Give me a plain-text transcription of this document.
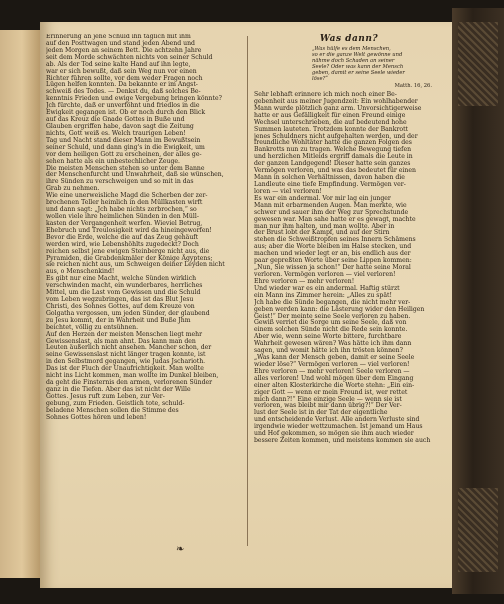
Erinnerung an jene Schuld ihn täglich mit ihm
auf den Posttwagen und stand jeden Abend und
jeden Morgen an seinem Bett. Die achtzehn Jahre
seit dem Morde schwächten nichts von seiner Schuld
ab. Als der Tod seine kalte Hand auf ihn legte,
war er sich bewußt, daß sein Weg nun vor einen
Richter führen sollte, vor dem weder Fragen noch
Lügen helfen konnten. Da bekannte er im Angst-
schweiß des Todes. — Denkst du, daß solches Be-
kenntnis Frieden und ewige Vergebung bringen könnte?
Jch fürchte, daß er unverföhnt und friedlos in die
Ewigkeit gegangen ist. Ob er noch durch den Blick
auf das Kreuz die Gnade Gottes in Buße und
Glauben ergriffen habe, davon sagt die Zeitung
nichts, Gott weiß es. Welch traurigen Leben!
Tag und Nacht stand dieser Mann im Bewußtsein
seiner Schuld, und dann ging's in die Ewigkeit, um
vor dem heiligen Gott zu erscheinen, der alles ge-
sehen hatte als ein unbestechlicher Zeuge.

Die meisten Menschen stehen so unter dem Banne
der Menschenfurcht und Unwahrheit, daß sie wünschen,
ihre Sünden zu verschweigen und so mit in das
Grab zu nehmen.

Wie eine unerweisliche Magd die Scherben der zer-
brochenen Teller heimlich in den Müllkasten wirft
und dann sagt: „Jch habe nichts zerbrochen,“ so
wollen viele ihre heimlichen Sünden in den Müll-
kasten der Vergangenheit werfen. Wieviel Betrug,
Ehebruch und Treulosigkeit wird da hineingeworfen!
Bevor die Erde, welche die auf das Zeug gehäuft
werden wird, wie Lebenshöhlts zugedeckt? Doch
reichen selbst jene ewigen Steinberge nicht aus, die
Pyramiden, die Grabdenkmäler der Könige Ägyptens;
sie reichen nicht aus, um Schweigen deiner Leyden nicht
aus, o Menschenkind!

Es gibt nur eine Macht, welche Sünden wirklich
verschwinden macht, ein wunderbares, herrliches
Mittel, um die Last vom Gewissen und die Schuld
vom Leben wegzubringen, das ist das Blut Jesu
Christi, des Sohnes Gottes, auf dem Kreuze von
Golgatha vergossen, um jeden Sünder, der glaubend
zu Jesu kommt, der in Wahrheit und Buße Jhm
beichtet, völlig zu entsühnen.

Auf den Herzen der meisten Menschen liegt mehr
Gewissenslast, als man ahnt. Das kann man den
Leuten äußerlich nicht ansehen. Mancher schon, der
seine Gewissenslast nicht länger tragen konnte, ist
in den Selbstmord gegangen, wie Judas Jscharioth.
Das ist der Fluch der Unaufrichtigkeit. Man wollte
nicht ins Licht kommen, man wollte im Dunkel bleiben,
da geht die Finsternis den armen, verlorenen Sünder
ganz in die Tiefen. Aber das ist nicht der Wille
Gottes. Jesus ruft zum Leben, zur Ver-
gebung, zum Frieden. Geistlich tote, schuld-
beladene Menschen sollen die Stimme des
Sohnes Gottes hören und leben!

Was dann?
„Was hülfe es dem Menschen,
so er die ganze Welt gewönne und
nähme doch Schaden an seiner
Seele? Oder was kann der Mensch
geben, damit er seine Seele wieder
löse?“
Matth. 16, 26.

Sehr lebhaft erinnere ich mich noch einer Be-
gebenheit aus meiner Jugendzeit: Ein wohlhabender
Mann wurde plötzlich ganz arm. Unvorsichtigerweise
hatte er aus Gefälligkeit für einen Freund einige
Wechsel unterschrieben, die auf bedeutend hohe
Summen lauteten. Trotzdem konnte der Bankrott
jenes Schuldners nicht aufgehalten werden, und der
freundliche Wohltäter hatte die ganzen Folgen des
Bankrotts nun zu tragen. Welche Bewegung tiefen
und herzlichen Mitleids ergriff damals die Leute in
der ganzen Landgegend! Dieser hatte sein ganzes
Vermögen verloren, und was das bedeutet für einen
Mann in solchen Verhältnissen, davon haben die
Landleute eine tiefe Empfindung. Vermögen ver-
loren — viel verloren!

Es war ein andermal. Vor mir lag ein junger
Mann mit erbarmenden Augen. Man merkte, wie
schwer und sauer ihm der Weg zur Sprechstunde
gewesen war. Man sahe hatte er es gewagt, machte
man nur ihm halten, und man wollte. Aber in
der Brust lobt der Kampf, und auf der Stirn
stehen die Schweißtropfen seines Innern Schämens
aus; aber die Worte bleiben im Halse stecken, und
machen und wieder legt er an, bis endlich aus der
paar gepreßten Worte über seine Lippen kommen:
„Nun, Sie wissen ja schon!“ Der hatte seine Moral
verloren. Vermögen verloren — viel verloren!
Ehre verloren — mehr verloren!

Und wieder war es ein andermal. Haftig stürzt
ein Mann ins Zimmer herein: „Alles zu spät!
Jch habe die Sünde begangen, die nicht mehr ver-
geben werden kann: die Lästerung wider den Heiligen
Geist!“ Der meinte seine Seele verloren zu haben.
Gewiß verriet die Sorge um seine Seele, daß von
einem solchen Sünde nicht die Rede sein konnte.
Aber wie, wenn seine Worte bittere, furchtbare
Wahrheit gewesen wären? Was hätte ich ihm dann
sagen, und womit hätte ich ihn trösten können?
„Was kann der Mensch geben, damit er seine Seele
wieder löse?“ Vermögen verloren — viel verloren!
Ehre verloren — mehr verloren! Seele verloren —
alles verloren! Und wohl mögen über dem Eingang
einer alten Klosterkirche die Worte stehn: „Ein ein-
ziger Gott — wenn er mein Freund ist, wer rettet
mich dann?!“ Eine einzige Seele — wenn sie ist
verloren, was bleibt mir dann übrig?!“ Der Ver-
lust der Seele ist in der Tat der eigentliche
und entscheidende Verlust. Alle andern Verluste sind
irgendwie wieder wettzumachen. Ist jemand um Haus
und Hof gekommen, so mögen sie ihm auch wieder
bessere Zeiten kommen, und meistens kommen sie auch

❧
